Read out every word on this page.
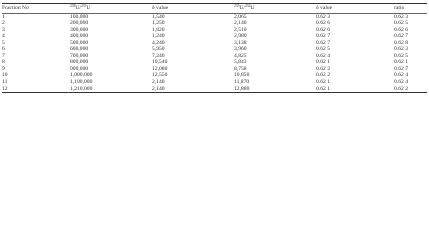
Fraction No	$^{238}$U/$^{235}$U	δ value	$^{235}$U/$^{234}$U	δ value	ratio
1	100,000	1,540	2,065	0.62 3	0.62 3
2	200,000	1,250	2,140	0.62 6	0.62 5
3	300,000	1,820	2,510	0.62 6	0.62 6
4	400,000	1,240	2,980	0.62 7	0.62 7
5	500,000	4,240	3,138	0.62 7	0.62 8
6	600,000	5,950	3,960	0.62 5	0.62 3
7	700,000	7,240	4,825	0.62 4	0.62 5
8	800,000	10,540	5,843	0.62 1	0.62 1
9	900,000	12,080	8,758	0.62 2	0.62 7
10	1,000,000	12,550	10,850	0.62 2	0.62 4
11	1,100,000	2,140	11,870	0.62 1	0.62 4
12	1,210,000	2,140	12,880	0.62 1	0.62 2
